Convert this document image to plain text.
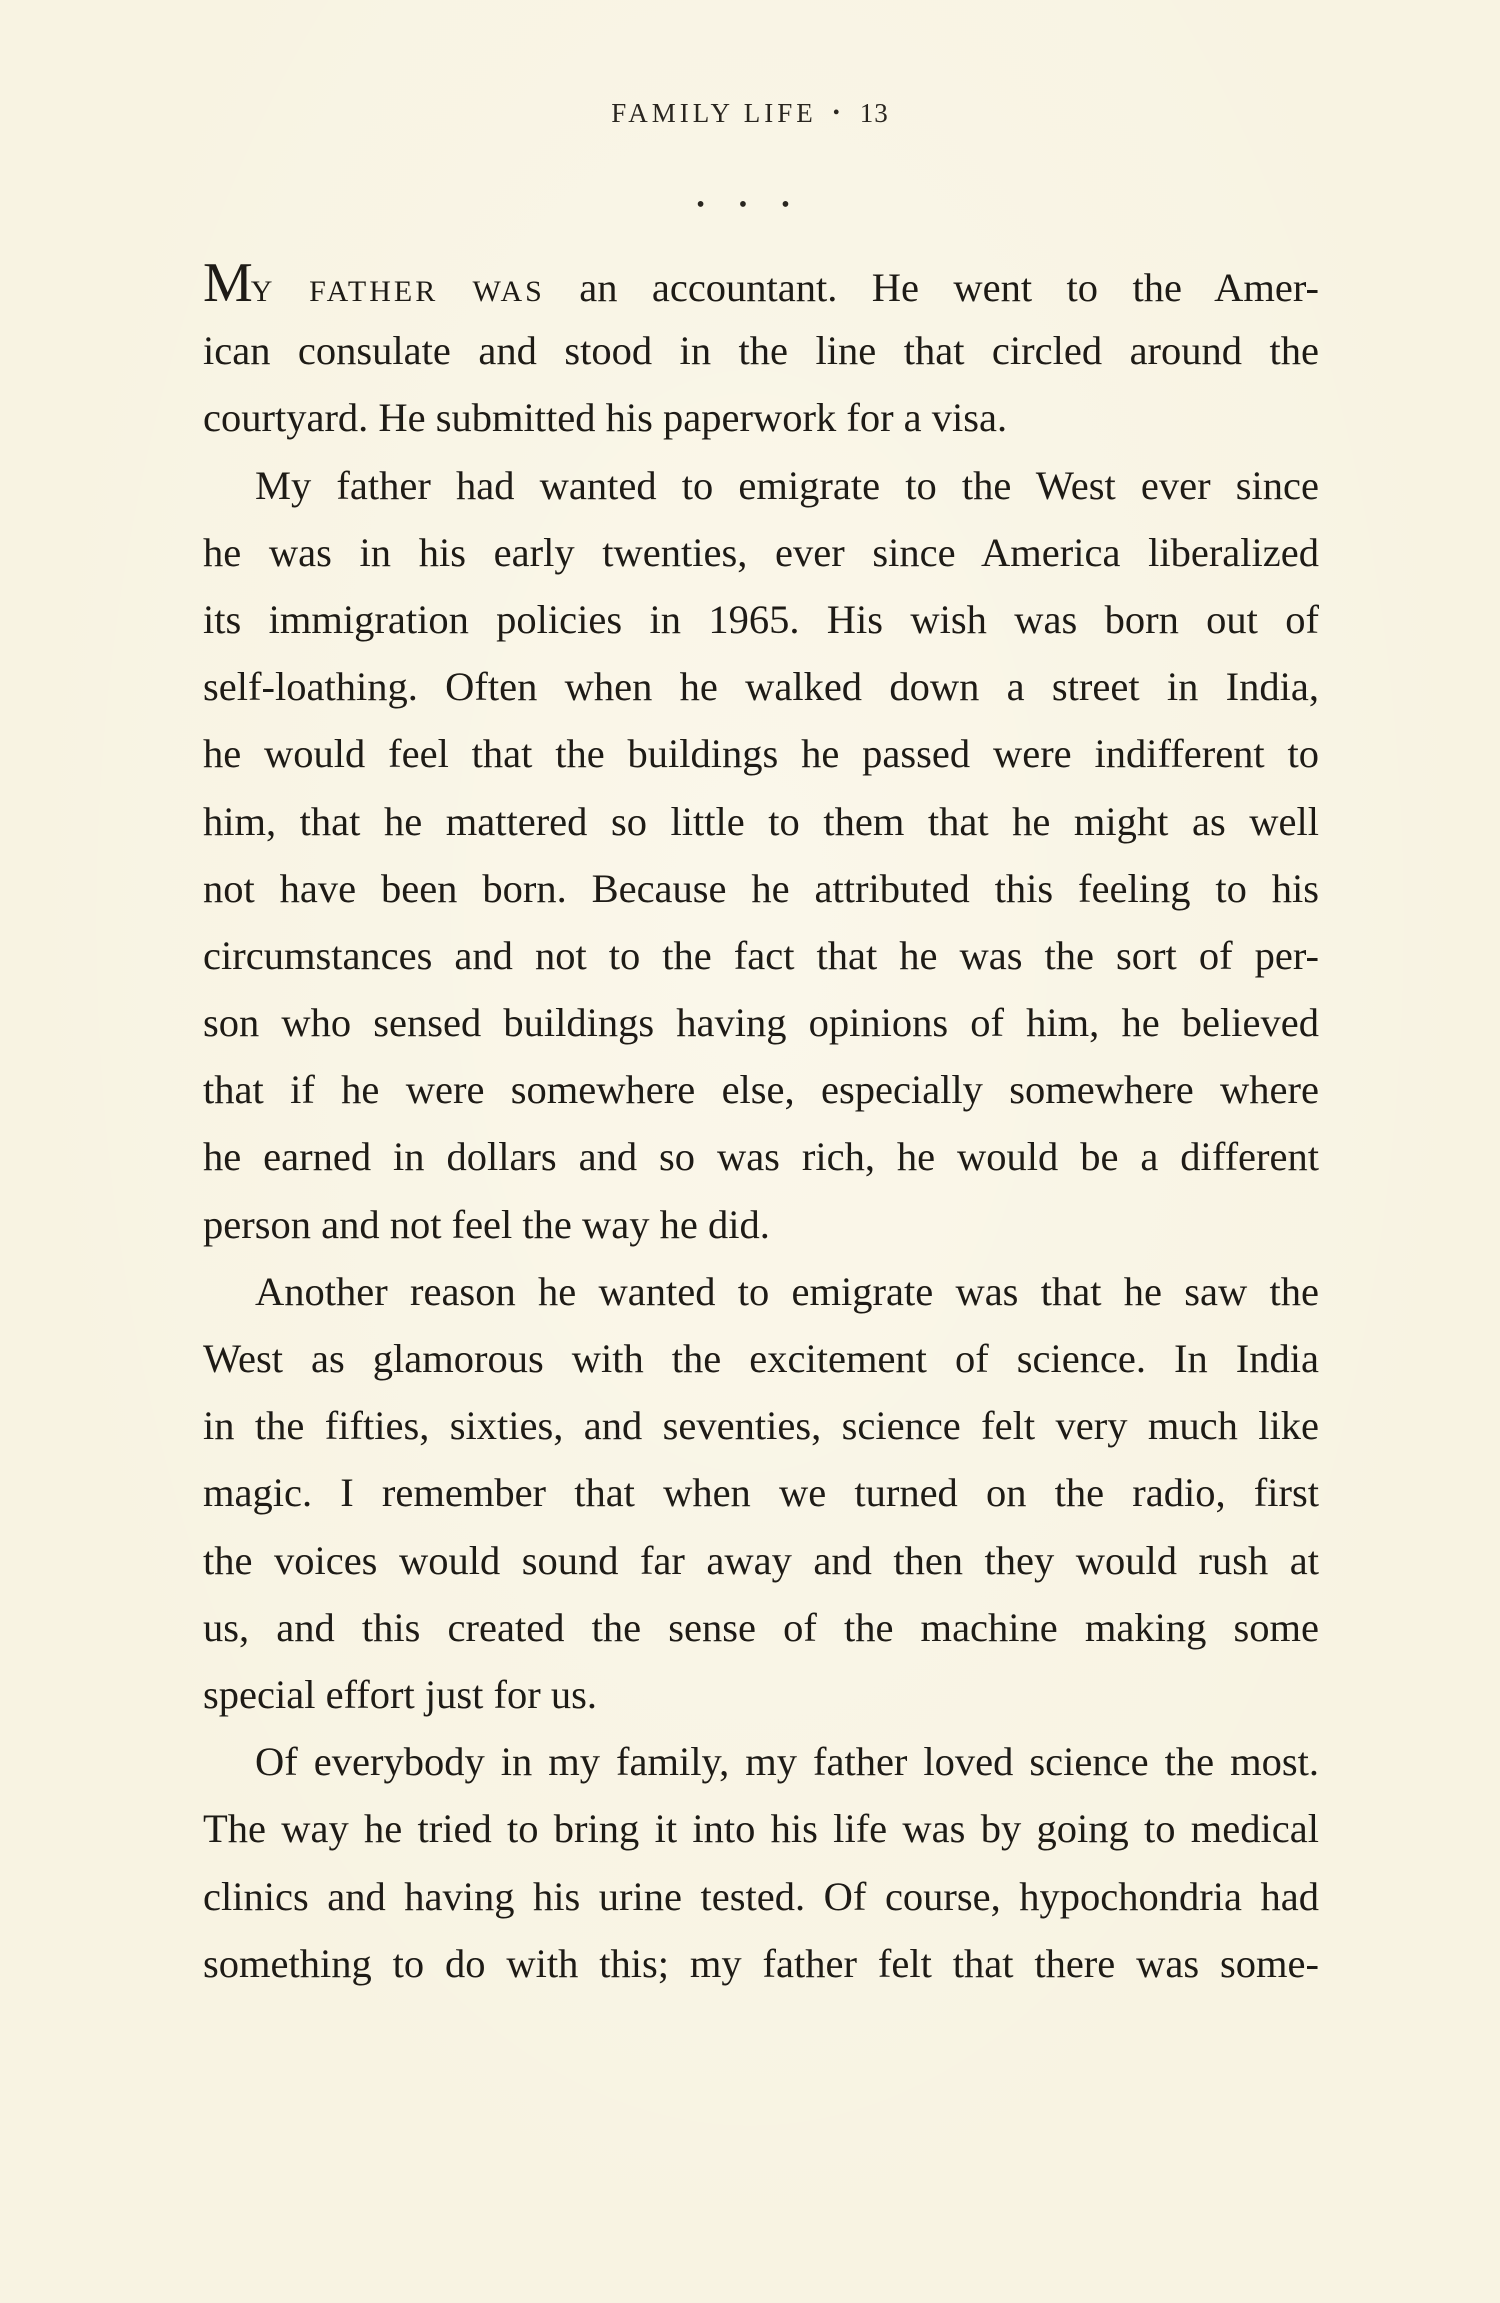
FAMILY LIFE • 13
• • •
MY FATHER WAS an accountant. He went to the Amer-
ican consulate and stood in the line that circled around the
courtyard. He submitted his paperwork for a visa.
My father had wanted to emigrate to the West ever since
he was in his early twenties, ever since America liberalized
its immigration policies in 1965. His wish was born out of
self-loathing. Often when he walked down a street in India,
he would feel that the buildings he passed were indifferent to
him, that he mattered so little to them that he might as well
not have been born. Because he attributed this feeling to his
circumstances and not to the fact that he was the sort of per-
son who sensed buildings having opinions of him, he believed
that if he were somewhere else, especially somewhere where
he earned in dollars and so was rich, he would be a different
person and not feel the way he did.
Another reason he wanted to emigrate was that he saw the
West as glamorous with the excitement of science. In India
in the fifties, sixties, and seventies, science felt very much like
magic. I remember that when we turned on the radio, first
the voices would sound far away and then they would rush at
us, and this created the sense of the machine making some
special effort just for us.
Of everybody in my family, my father loved science the most.
The way he tried to bring it into his life was by going to medical
clinics and having his urine tested. Of course, hypochondria had
something to do with this; my father felt that there was some-
